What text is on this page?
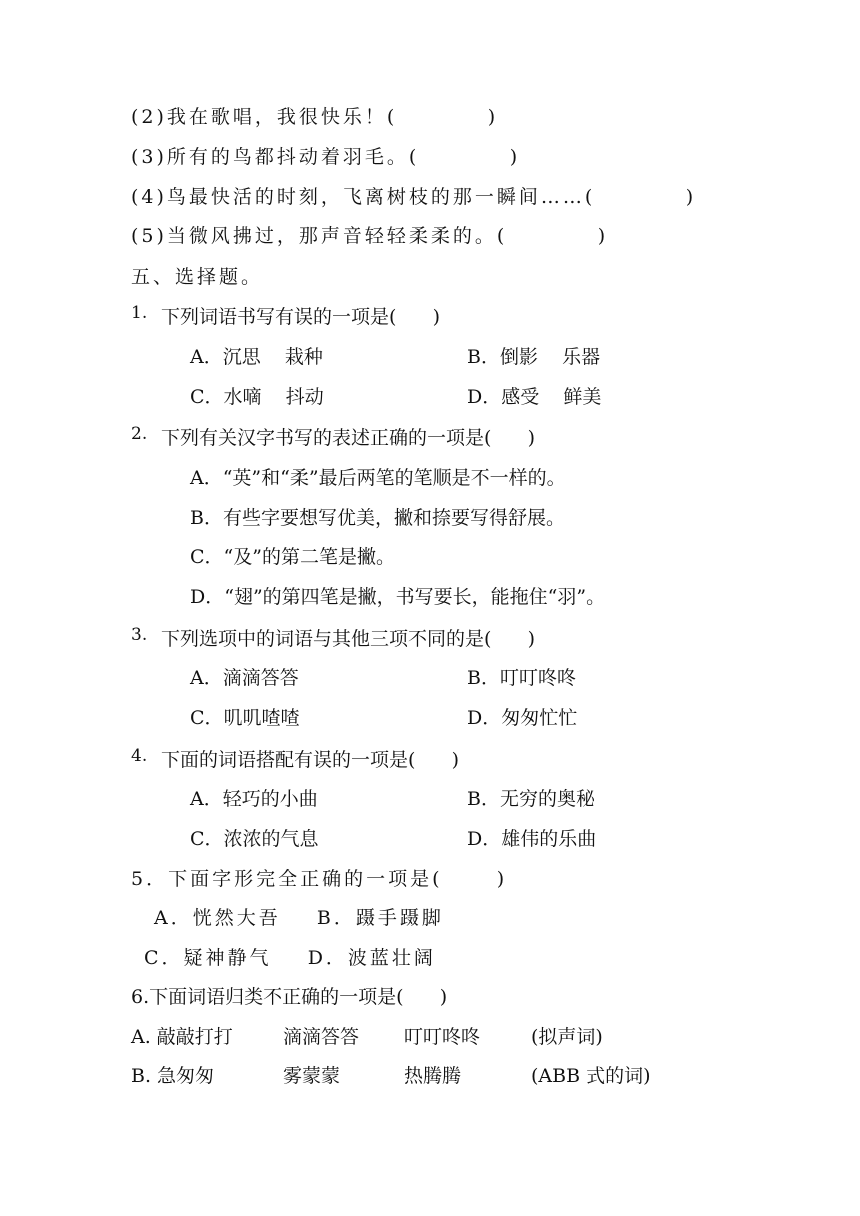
(2)我在歌唱，我很快乐！(          )
(3)所有的鸟都抖动着羽毛。(          )
(4)鸟最快活的时刻，飞离树枝的那一瞬间……(          )
(5)当微风拂过，那声音轻轻柔柔的。(          )
五、选择题。
1. 下列词语书写有误的一项是(      )
A．沉思    栽种	B．倒影    乐器
C．水嘀    抖动	D．感受    鲜美
2. 下列有关汉字书写的表述正确的一项是(      )
A．“英”和“柔”最后两笔的笔顺是不一样的。
B．有些字要想写优美，撇和捺要写得舒展。
C．“及”的第二笔是撇。
D．“翅”的第四笔是撇，书写要长，能拖住“羽”。
3. 下列选项中的词语与其他三项不同的是(      )
A．滴滴答答	B．叮叮咚咚
C．叽叽喳喳	D．匆匆忙忙
4. 下面的词语搭配有误的一项是(      )
A．轻巧的小曲	B．无穷的奥秘
C．浓浓的气息	D．雄伟的乐曲
5．下面字形完全正确的一项是(      )
A．恍然大吾    B．蹑手蹑脚
C．疑神静气    D．波蓝壮阔
6.下面词语归类不正确的一项是(      )
A. 敲敲打打	滴滴答答 叮叮咚咚	(拟声词)
B. 急匆匆	雾蒙蒙	热腾腾	(ABB 式的词)
